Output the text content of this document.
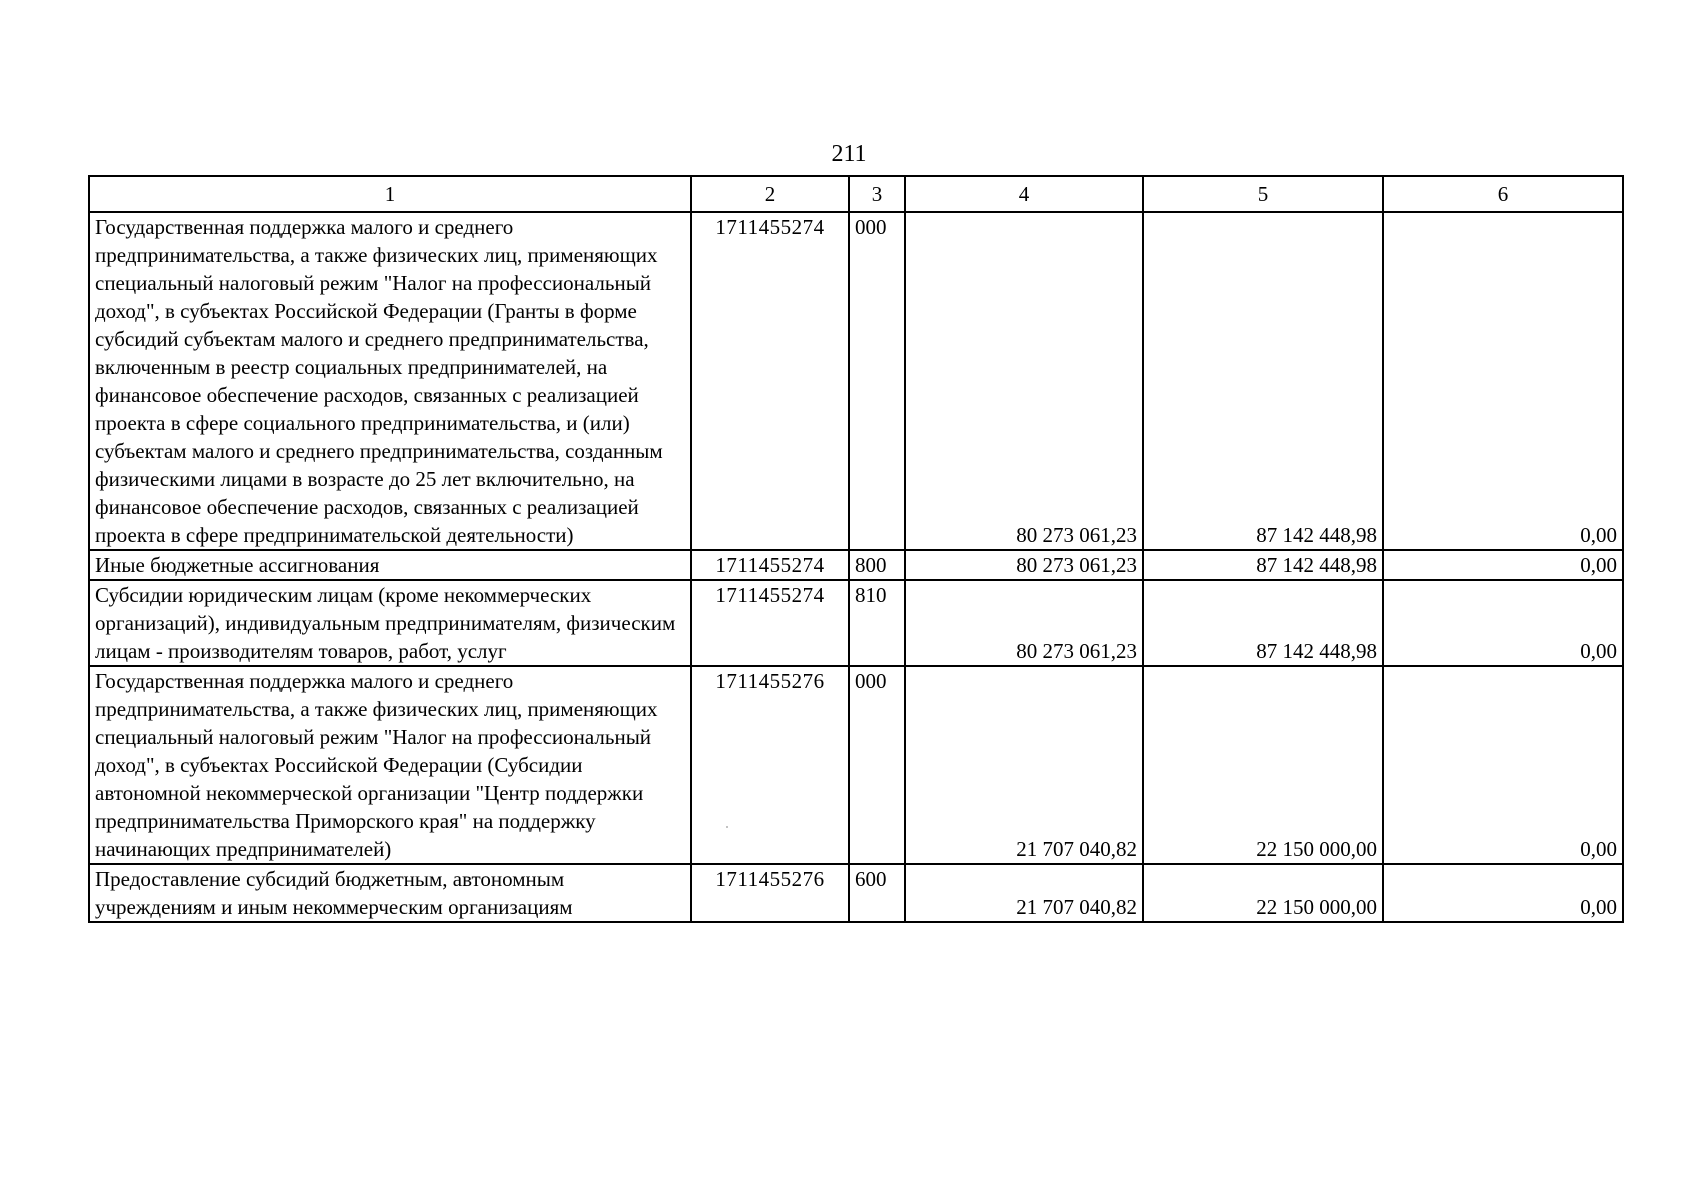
211
1	2	3	4	5	6
Государственная поддержка малого и среднего предпринимательства, а также физических лиц, применяющих специальный налоговый режим "Налог на профессиональный доход", в субъектах Российской Федерации (Гранты в форме субсидий субъектам малого и среднего предпринимательства, включенным в реестр социальных предпринимателей, на финансовое обеспечение расходов, связанных с реализацией проекта в сфере социального предпринимательства, и (или) субъектам малого и среднего предпринимательства, созданным физическими лицами в возрасте до 25 лет включительно, на финансовое обеспечение расходов, связанных с реализацией проекта в сфере предпринимательской деятельности)	1711455274	000	80 273 061,23	87 142 448,98	0,00
Иные бюджетные ассигнования	1711455274	800	80 273 061,23	87 142 448,98	0,00
Субсидии юридическим лицам (кроме некоммерческих организаций), индивидуальным предпринимателям, физическим лицам - производителям товаров, работ, услуг	1711455274	810	80 273 061,23	87 142 448,98	0,00
Государственная поддержка малого и среднего предпринимательства, а также физических лиц, применяющих специальный налоговый режим "Налог на профессиональный доход", в субъектах Российской Федерации (Субсидии автономной некоммерческой организации "Центр поддержки предпринимательства Приморского края" на поддержку начинающих предпринимателей)	1711455276	000	21 707 040,82	22 150 000,00	0,00
Предоставление субсидий бюджетным, автономным учреждениям и иным некоммерческим организациям	1711455276	600	21 707 040,82	22 150 000,00	0,00
